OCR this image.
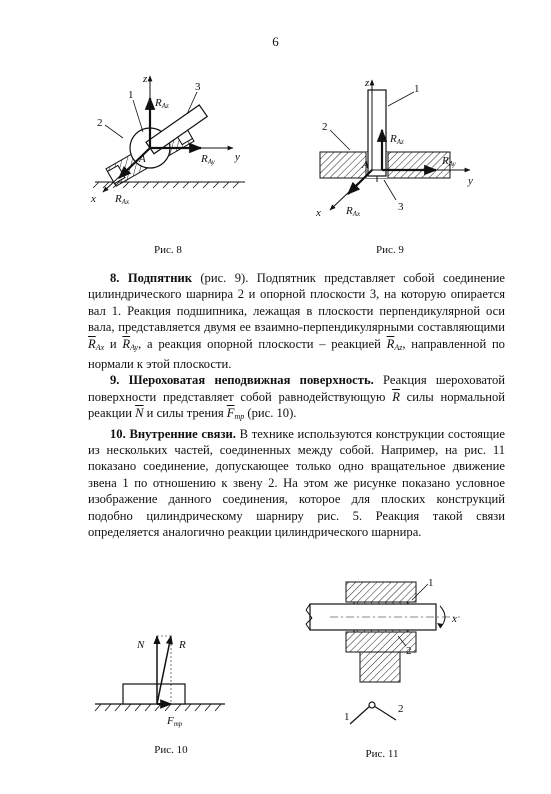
6
z
y
x
A
1
2
3
RAz
RAy
RAx
Рис. 8
z
y
x
A
1
2
3
RAz
RAy
RAx
Рис. 9

8. Подпятник (рис. 9). Подпятник представляет собой соединение цилиндрического шарнира 2 и опорной плоскости 3, на которую опирается вал 1. Реакция подшипника, лежащая в плоскости перпендикулярной оси вала, представляется двумя ее взаимно-перпендикулярными составляющими $\overline{R}_{Ax}$ и $\overline{R}_{Ay}$, а реакция опорной плоскости – реакцией $\overline{R}_{Az}$, направленной по нормали к этой плоскости.

9. Шероховатая неподвижная поверхность. Реакция шероховатой поверхности представляет собой равнодействующую $\overline{R}$ силы нормальной реакции $\overline{N}$ и силы трения $\overline{F}_{тр}$ (рис. 10).

10. Внутренние связи. В технике используются конструкции состоящие из нескольких частей, соединенных между собой. Например, на рис. 11 показано соединение, допускающее только одно вращательное движение звена 1 по отношению к звену 2. На этом же рисунке показано условное изображение данного соединения, которое для плоских конструкций подобно цилиндрическому шарниру рис. 5. Реакция такой связи определяется аналогично реакции цилиндрического шарнира.

N	R
Fтр
Рис. 10
1
2
x
1
2
Рис. 11
